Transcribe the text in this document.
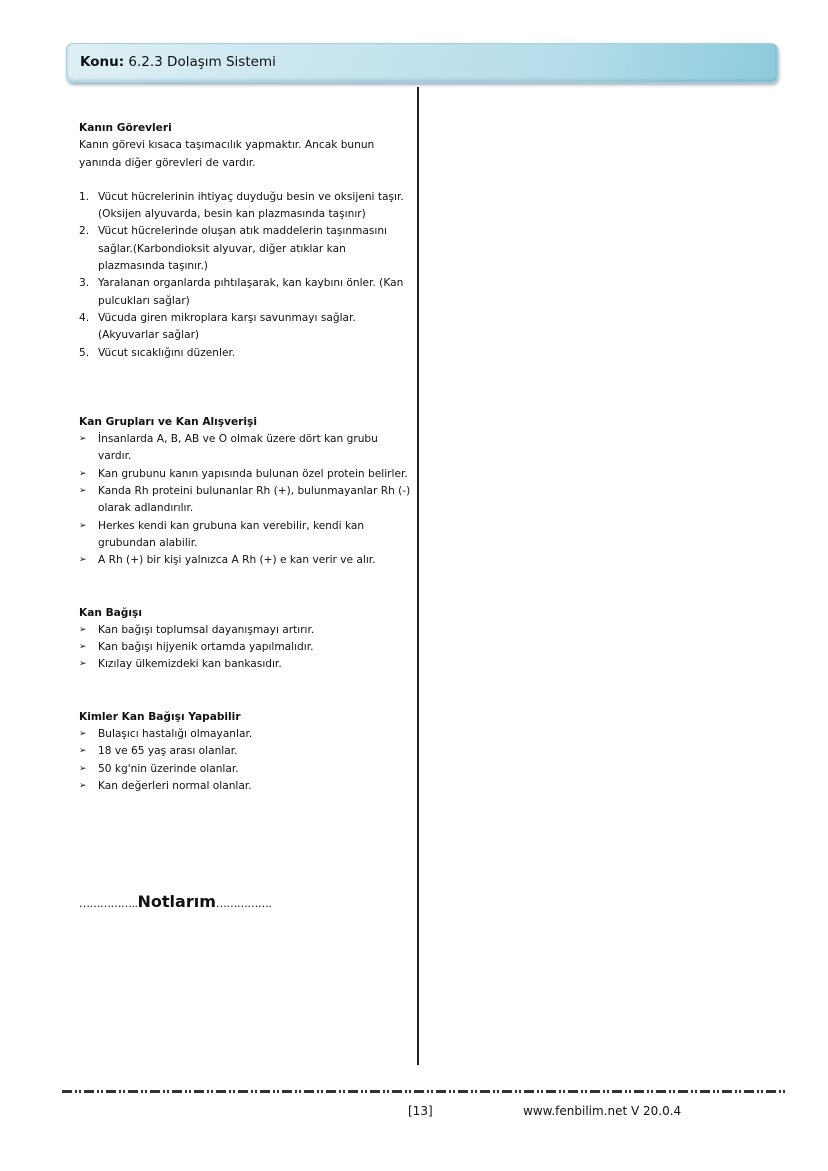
Konu: 6.2.3 Dolaşım Sistemi
Kanın Görevleri

Kanın görevi kısaca taşımacılık yapmaktır. Ancak bunun yanında diğer görevleri de vardır.

1. Vücut hücrelerinin ihtiyaç duyduğu besin ve oksijeni taşır. (Oksijen alyuvarda, besin kan plazmasında taşınır)
2. Vücut hücrelerinde oluşan atık maddelerin taşınmasını sağlar.(Karbondioksit alyuvar, diğer atıklar kan plazmasında taşınır.)
3. Yaralanan organlarda pıhtılaşarak, kan kaybını önler. (Kan pulcukları sağlar)
4. Vücuda giren mikroplara karşı savunmayı sağlar. (Akyuvarlar sağlar)
5. Vücut sıcaklığını düzenler.
Kan Grupları ve Kan Alışverişi
➢ İnsanlarda A, B, AB ve O olmak üzere dört kan grubu vardır.
➢ Kan grubunu kanın yapısında bulunan özel protein belirler.
➢ Kanda Rh proteini bulunanlar Rh (+), bulunmayanlar Rh (-) olarak adlandırılır.
➢ Herkes kendi kan grubuna kan verebilir, kendi kan grubundan alabilir.
➢ A Rh (+) bir kişi yalnızca A Rh (+) e kan verir ve alır.
Kan Bağışı
➢ Kan bağışı toplumsal dayanışmayı artırır.
➢ Kan bağışı hijyenik ortamda yapılmalıdır.
➢ Kızılay ülkemizdeki kan bankasıdır.
Kimler Kan Bağışı Yapabilir
➢ Bulaşıcı hastalığı olmayanlar.
➢ 18 ve 65 yaş arası olanlar.
➢ 50 kg'nin üzerinde olanlar.
➢ Kan değerleri normal olanlar.
……………..Notlarım…………….
[13]	www.fenbilim.net V 20.0.4
